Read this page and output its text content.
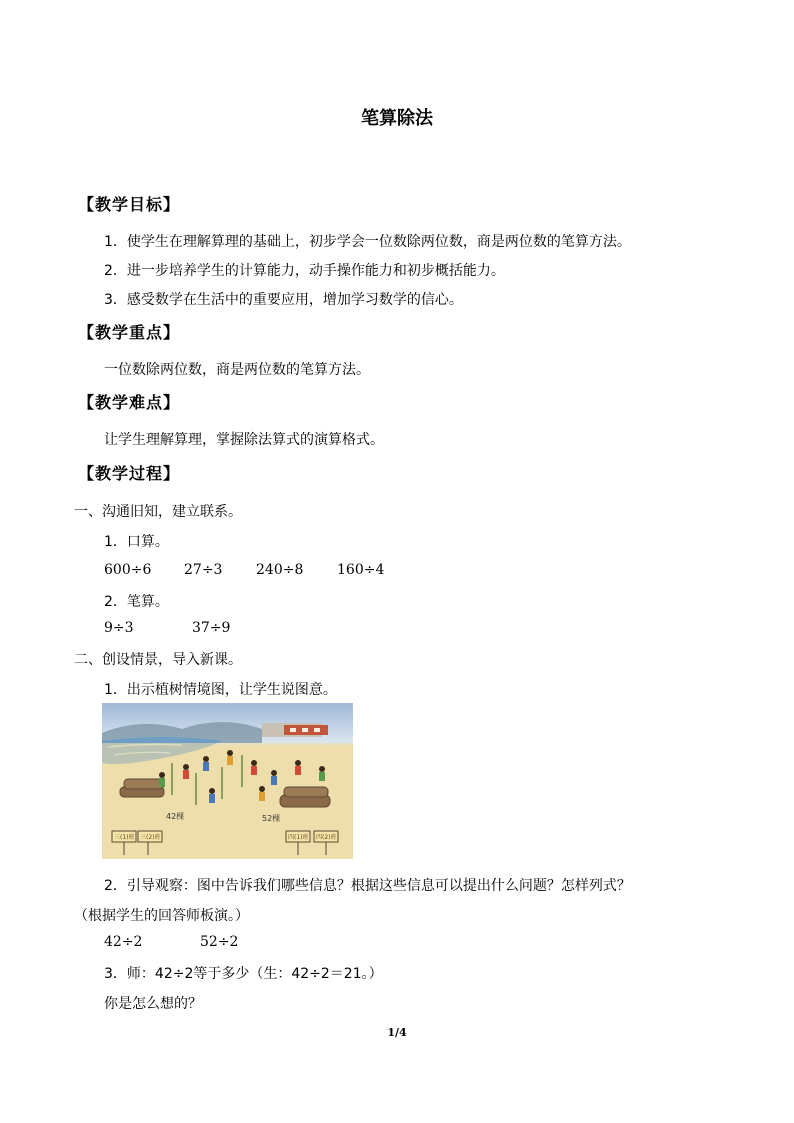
笔算除法
【教学目标】
1．使学生在理解算理的基础上，初步学会一位数除两位数，商是两位数的笔算方法。
2．进一步培养学生的计算能力，动手操作能力和初步概括能力。
3．感受数学在生活中的重要应用，增加学习数学的信心。
【教学重点】
一位数除两位数，商是两位数的笔算方法。
【教学难点】
让学生理解算理，掌握除法算式的演算格式。
【教学过程】
一、沟通旧知，建立联系。
1．口算。
600÷6 27÷3 240÷8 160÷4
2．笔算。
9÷3	37÷9
二、创设情景，导入新课。
1．出示植树情境图，让学生说图意。
42棵	52棵
三(1)班 三(2)班	四(1)班 四(2)班
2．引导观察：图中告诉我们哪些信息？根据这些信息可以提出什么问题？怎样列式？
（根据学生的回答师板演。）
42÷2	52÷2
3．师：42÷2等于多少（生：42÷2＝21。）
你是怎么想的？
1/4
